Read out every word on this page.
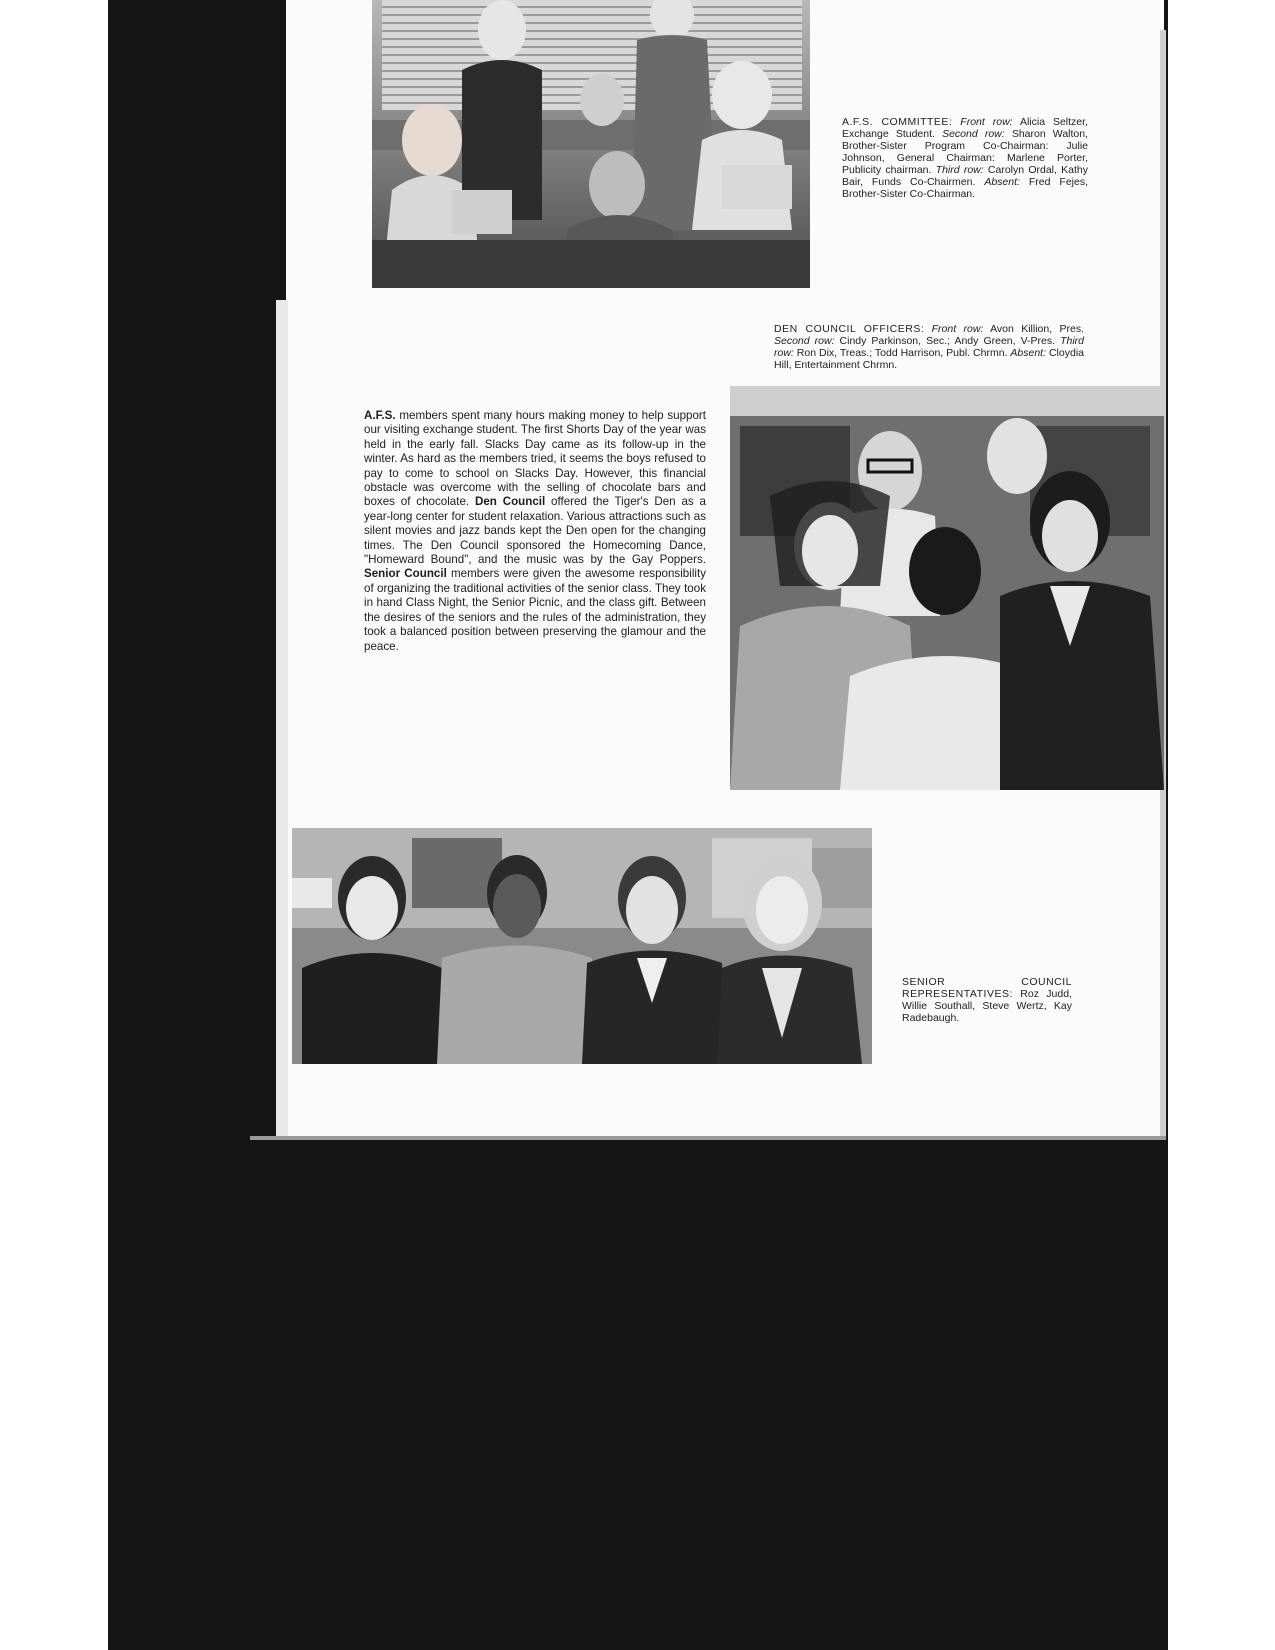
A.F.S. COMMITTEE: Front row: Alicia Seltzer, Exchange Student. Second row: Sharon Walton, Brother-Sister Program Co-Chairman: Julie Johnson, General Chairman: Marlene Porter, Publicity chairman. Third row: Carolyn Ordal, Kathy Bair, Funds Co-Chairmen. Absent: Fred Fejes, Brother-Sister Co-Chairman.
DEN COUNCIL OFFICERS: Front row: Avon Killion, Pres. Second row: Cindy Parkinson, Sec.; Andy Green, V-Pres. Third row: Ron Dix, Treas.; Todd Harrison, Publ. Chrmn. Absent: Cloydia Hill, Entertainment Chrmn.
A.F.S. members spent many hours making money to help support our visiting exchange student. The first Shorts Day of the year was held in the early fall. Slacks Day came as its follow-up in the winter. As hard as the members tried, it seems the boys refused to pay to come to school on Slacks Day. However, this financial obstacle was overcome with the selling of chocolate bars and boxes of chocolate. Den Council offered the Tiger's Den as a year-long center for student relaxation. Various attractions such as silent movies and jazz bands kept the Den open for the changing times. The Den Council sponsored the Homecoming Dance, "Homeward Bound", and the music was by the Gay Poppers. Senior Council members were given the awesome responsibility of organizing the traditional activities of the senior class. They took in hand Class Night, the Senior Picnic, and the class gift. Between the desires of the seniors and the rules of the administration, they took a balanced position between preserving the glamour and the peace.
SENIOR COUNCIL REPRESENTATIVES: Roz Judd, Willie Southall, Steve Wertz, Kay Radebaugh.
